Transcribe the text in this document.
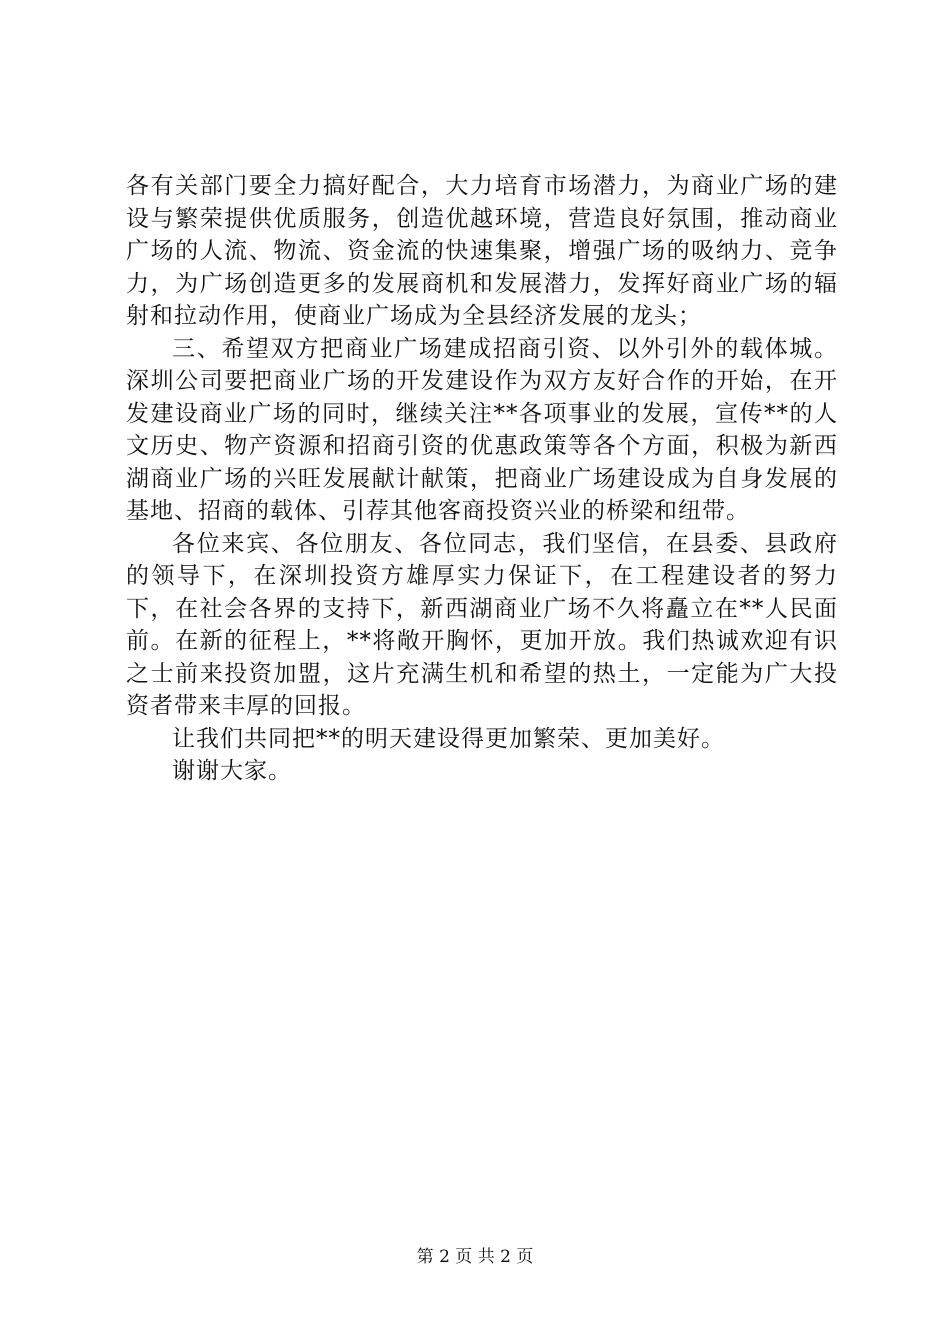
各有关部门要全力搞好配合，大力培育市场潜力，为商业广场的建设与繁荣提供优质服务，创造优越环境，营造良好氛围，推动商业广场的人流、物流、资金流的快速集聚，增强广场的吸纳力、竞争力，为广场创造更多的发展商机和发展潜力，发挥好商业广场的辐射和拉动作用，使商业广场成为全县经济发展的龙头；

三、希望双方把商业广场建成招商引资、以外引外的载体城。深圳公司要把商业广场的开发建设作为双方友好合作的开始，在开发建设商业广场的同时，继续关注**各项事业的发展，宣传**的人文历史、物产资源和招商引资的优惠政策等各个方面，积极为新西湖商业广场的兴旺发展献计献策，把商业广场建设成为自身发展的基地、招商的载体、引荐其他客商投资兴业的桥梁和纽带。

各位来宾、各位朋友、各位同志，我们坚信，在县委、县政府的领导下，在深圳投资方雄厚实力保证下，在工程建设者的努力下，在社会各界的支持下，新西湖商业广场不久将矗立在**人民面前。在新的征程上，**将敞开胸怀，更加开放。我们热诚欢迎有识之士前来投资加盟，这片充满生机和希望的热土，一定能为广大投资者带来丰厚的回报。

让我们共同把**的明天建设得更加繁荣、更加美好。

谢谢大家。

第 2 页 共 2 页
